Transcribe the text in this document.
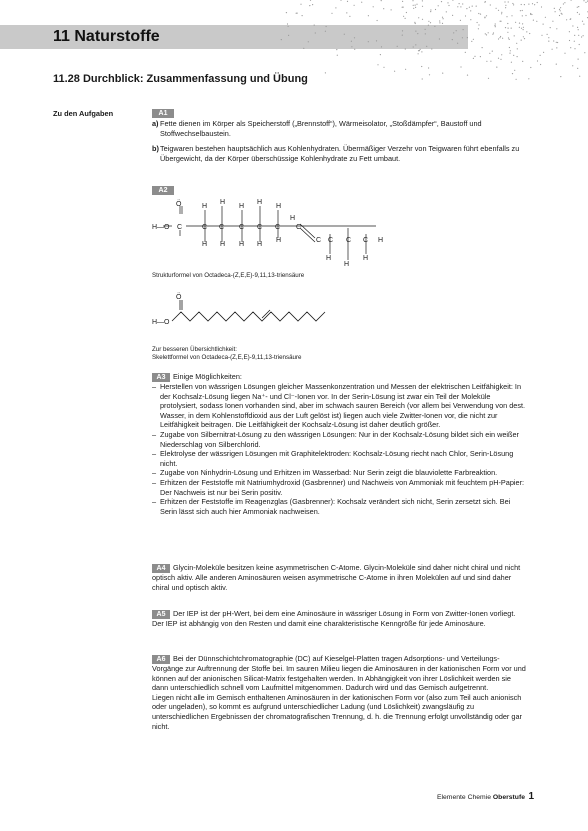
11 Naturstoffe
11.28 Durchblick: Zusammenfassung und Übung
Zu den Aufgaben	A1
a) Fette dienen im Körper als Speicherstoff („Brennstoff“), Wärmeisolator, „Stoßdämpfer“, Baustoff und Stoffwechselbaustein.
b) Teigwaren bestehen hauptsächlich aus Kohlenhydraten. Übermäßiger Verzehr von Teigwaren führt ebenfalls zu Übergewicht, da der Körper überschüssige Kohlenhydrate zu Fett umbaut.
A2
Ö
C
H—O
H
H
H
H
H
H
H H H H
H
C C C C C C
C C C C H
H
H
H
Strukturformel von Octadeca-(Z,E,E)-9,11,13-triensäure
Ö
H—O
Zur besseren Übersichtlichkeit:
Skelettformel von Octadeca-(Z,E,E)-9,11,13-triensäure
A3 Einige Möglichkeiten:
– Herstellen von wässrigen Lösungen gleicher Massenkonzentration und Messen der elektrischen Leitfähigkeit: In der Kochsalz-Lösung liegen Na⁺- und Cl⁻-Ionen vor. In der Serin-Lösung ist zwar ein Teil der Moleküle protolysiert, sodass Ionen vorhanden sind, aber im schwach sauren Bereich (vor allem bei Verwendung von dest. Wasser, in dem Kohlenstoffdioxid aus der Luft gelöst ist) liegen auch viele Zwitter-Ionen vor, die nicht zur Leitfähigkeit beitragen. Die Leitfähigkeit der Kochsalz-Lösung ist daher deutlich größer.
– Zugabe von Silbernitrat-Lösung zu den wässrigen Lösungen: Nur in der Kochsalz-Lösung bildet sich ein weißer Niederschlag von Silberchlorid.
– Elektrolyse der wässrigen Lösungen mit Graphitelektroden: Kochsalz-Lösung riecht nach Chlor, Serin-Lösung nicht.
– Zugabe von Ninhydrin-Lösung und Erhitzen im Wasserbad: Nur Serin zeigt die blauviolette Farbreaktion.
– Erhitzen der Feststoffe mit Natriumhydroxid (Gasbrenner) und Nachweis von Ammoniak mit feuchtem pH-Papier: Der Nachweis ist nur bei Serin positiv.
– Erhitzen der Feststoffe im Reagenzglas (Gasbrenner): Kochsalz verändert sich nicht, Serin zersetzt sich. Bei Serin lässt sich auch hier Ammoniak nachweisen.
A4 Glycin-Moleküle besitzen keine asymmetrischen C-Atome. Glycin-Moleküle sind daher nicht chiral und nicht optisch aktiv. Alle anderen Aminosäuren weisen asymmetrische C-Atome in ihren Molekülen auf und sind daher chiral und optisch aktiv.
A5 Der IEP ist der pH-Wert, bei dem eine Aminosäure in wässriger Lösung in Form von Zwitter-Ionen vorliegt. Der IEP ist abhängig von den Resten und damit eine charakteristische Kenngröße für jede Aminosäure.
A6 Bei der Dünnschichtchromatographie (DC) auf Kieselgel-Platten tragen Adsorptions- und Verteilungs-Vorgänge zur Auftrennung der Stoffe bei. Im sauren Milieu liegen die Aminosäuren in der kationischen Form vor und können auf der anionischen Silicat-Matrix festgehalten werden. In Abhängigkeit von ihrer Löslichkeit werden sie dann unterschiedlich schnell vom Laufmittel mitgenommen. Dadurch wird und das Gemisch aufgetrennt.
Liegen nicht alle im Gemisch enthaltenen Aminosäuren in der kationischen Form vor (also zum Teil auch anionisch oder ungeladen), so kommt es aufgrund unterschiedlicher Ladung (und Löslichkeit) zwangsläufig zu unterschiedlichen Ergebnissen der chromatografischen Trennung, d. h. die Trennung erfolgt unvollständig oder gar nicht.
Elemente Chemie Oberstufe 1
